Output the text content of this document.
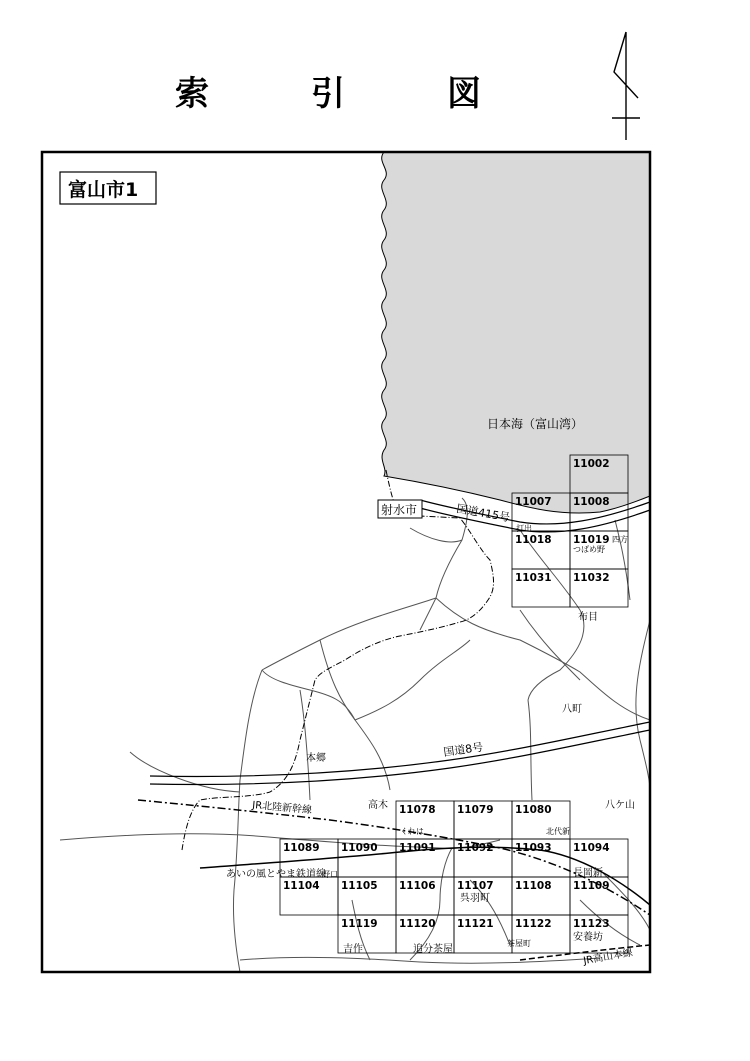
索　引　図
富山市1
日本海（富山湾）
射水市	国道415号
国道8号
JR北陸新幹線
あいの風とやま鉄道線
JR高山本線
11002
11007 11008
11018 11019
11031 11032
11078 11079 11080
11089 11090 11091 11092 11093 11094
11104 11105 11106 11107 11108 11109
11119 11120 11121 11122 11123
打出
四方
つばめ野
布目
八町
本郷
高木	八ケ山
北代新
くれは
長岡新
野口
呉羽町
吉作	追分茶屋
茶屋町
安養坊
